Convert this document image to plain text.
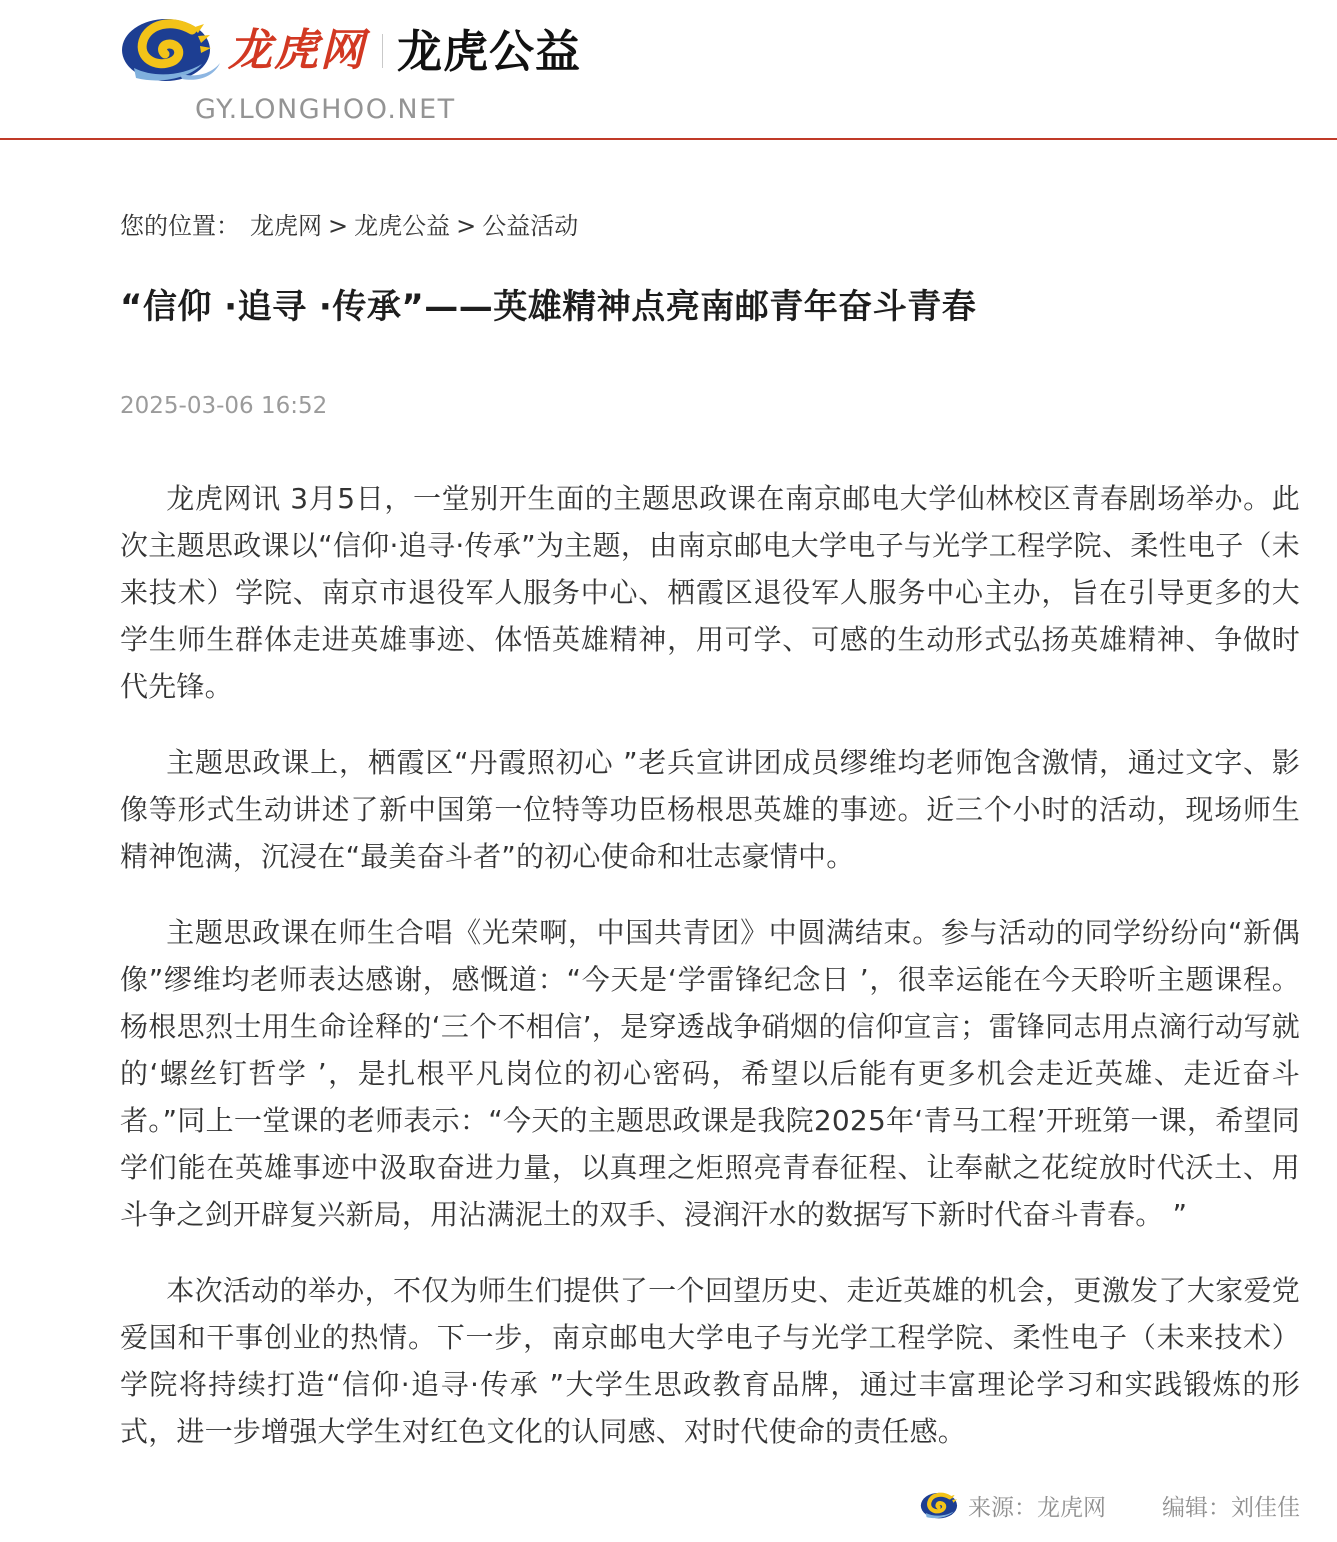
龙虎网 龙虎公益
GY.LONGHOO.NET
您的位置： 龙虎网 > 龙虎公益 > 公益活动
“信仰 ·追寻 ·传承”——英雄精神点亮南邮青年奋斗青春
2025-03-06 16:52

龙虎网讯 3月5日，一堂别开生面的主题思政课在南京邮电大学仙林校区青春剧场举办。此次主题思政课以“信仰·追寻·传承”为主题，由南京邮电大学电子与光学工程学院、柔性电子（未来技术）学院、南京市退役军人服务中心、栖霞区退役军人服务中心主办，旨在引导更多的大学生师生群体走进英雄事迹、体悟英雄精神，用可学、可感的生动形式弘扬英雄精神、争做时代先锋。

主题思政课上，栖霞区“丹霞照初心 ”老兵宣讲团成员缪维均老师饱含激情，通过文字、影像等形式生动讲述了新中国第一位特等功臣杨根思英雄的事迹。近三个小时的活动，现场师生精神饱满，沉浸在“最美奋斗者”的初心使命和壮志豪情中。

主题思政课在师生合唱《光荣啊，中国共青团》中圆满结束。参与活动的同学纷纷向“新偶像”缪维均老师表达感谢，感慨道：“今天是‘学雷锋纪念日 ’，很幸运能在今天聆听主题课程。杨根思烈士用生命诠释的‘三个不相信’，是穿透战争硝烟的信仰宣言；雷锋同志用点滴行动写就的‘螺丝钉哲学 ’，是扎根平凡岗位的初心密码，希望以后能有更多机会走近英雄、走近奋斗者。”同上一堂课的老师表示：“今天的主题思政课是我院2025年‘青马工程’开班第一课，希望同学们能在英雄事迹中汲取奋进力量，以真理之炬照亮青春征程、让奉献之花绽放时代沃土、用斗争之剑开辟复兴新局，用沾满泥土的双手、浸润汗水的数据写下新时代奋斗青春。 ”

本次活动的举办，不仅为师生们提供了一个回望历史、走近英雄的机会，更激发了大家爱党爱国和干事创业的热情。下一步，南京邮电大学电子与光学工程学院、柔性电子（未来技术）学院将持续打造“信仰·追寻·传承 ”大学生思政教育品牌，通过丰富理论学习和实践锻炼的形式，进一步增强大学生对红色文化的认同感、对时代使命的责任感。

来源： 龙虎网 编辑： 刘佳佳
